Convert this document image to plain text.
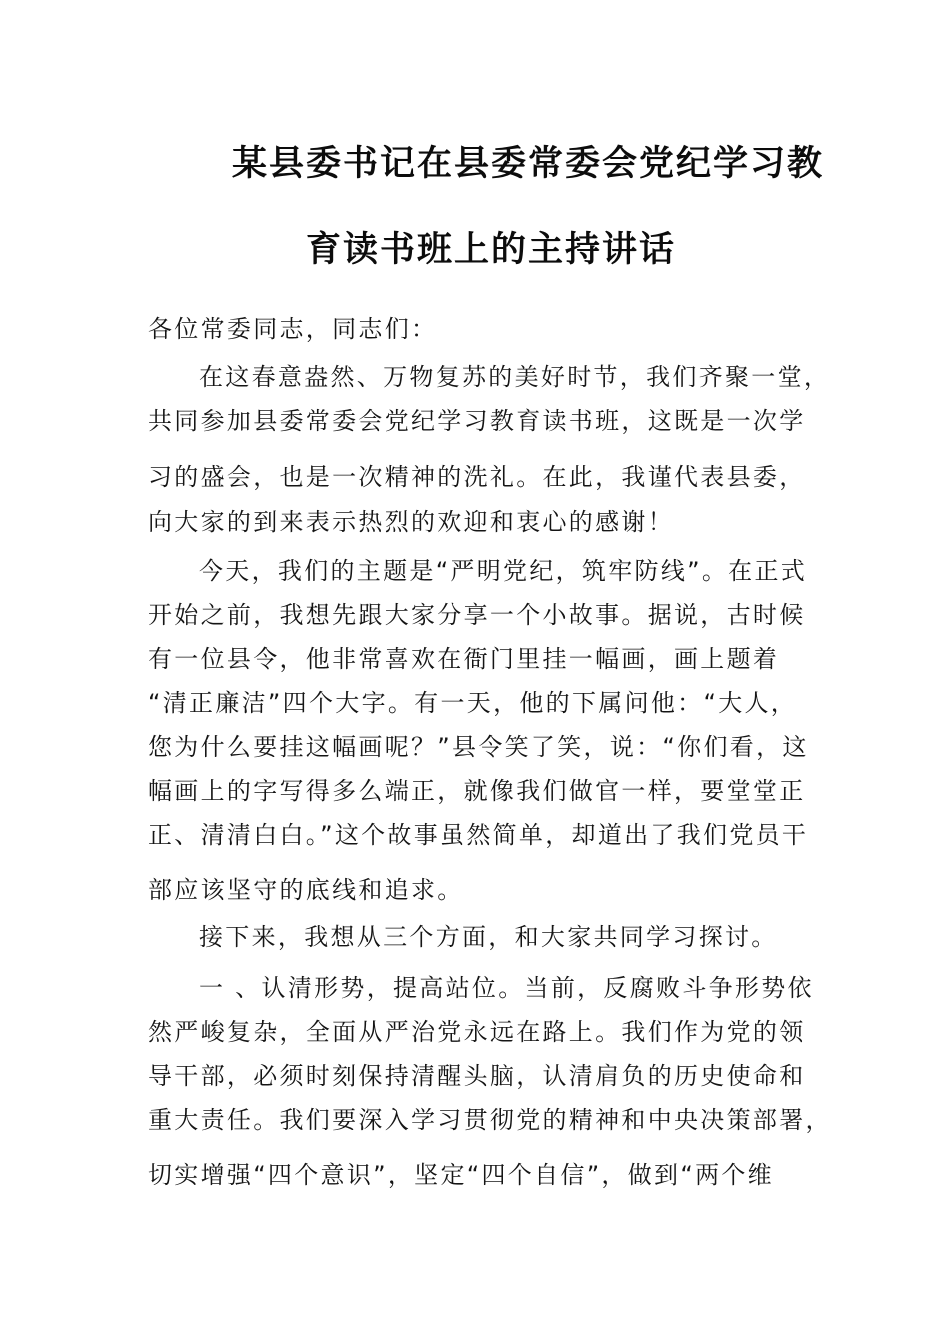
某县委书记在县委常委会党纪学习教
育读书班上的主持讲话
各位常委同志，同志们：
在这春意盎然、万物复苏的美好时节，我们齐聚一堂，
共同参加县委常委会党纪学习教育读书班，这既是一次学
习的盛会，也是一次精神的洗礼。在此，我谨代表县委，
向大家的到来表示热烈的欢迎和衷心的感谢！
今天，我们的主题是“严明党纪，筑牢防线”。在正式
开始之前，我想先跟大家分享一个小故事。据说，古时候
有一位县令，他非常喜欢在衙门里挂一幅画，画上题着
“清正廉洁”四个大字。有一天，他的下属问他：“大人，
您为什么要挂这幅画呢？”县令笑了笑，说：“你们看，这
幅画上的字写得多么端正，就像我们做官一样，要堂堂正
正、清清白白。”这个故事虽然简单，却道出了我们党员干
部应该坚守的底线和追求。
接下来，我想从三个方面，和大家共同学习探讨。
一 、认清形势，提高站位。当前，反腐败斗争形势依
然严峻复杂，全面从严治党永远在路上。我们作为党的领
导干部，必须时刻保持清醒头脑，认清肩负的历史使命和
重大责任。我们要深入学习贯彻党的精神和中央决策部署，
切实增强“四个意识”，坚定“四个自信”，做到“两个维
